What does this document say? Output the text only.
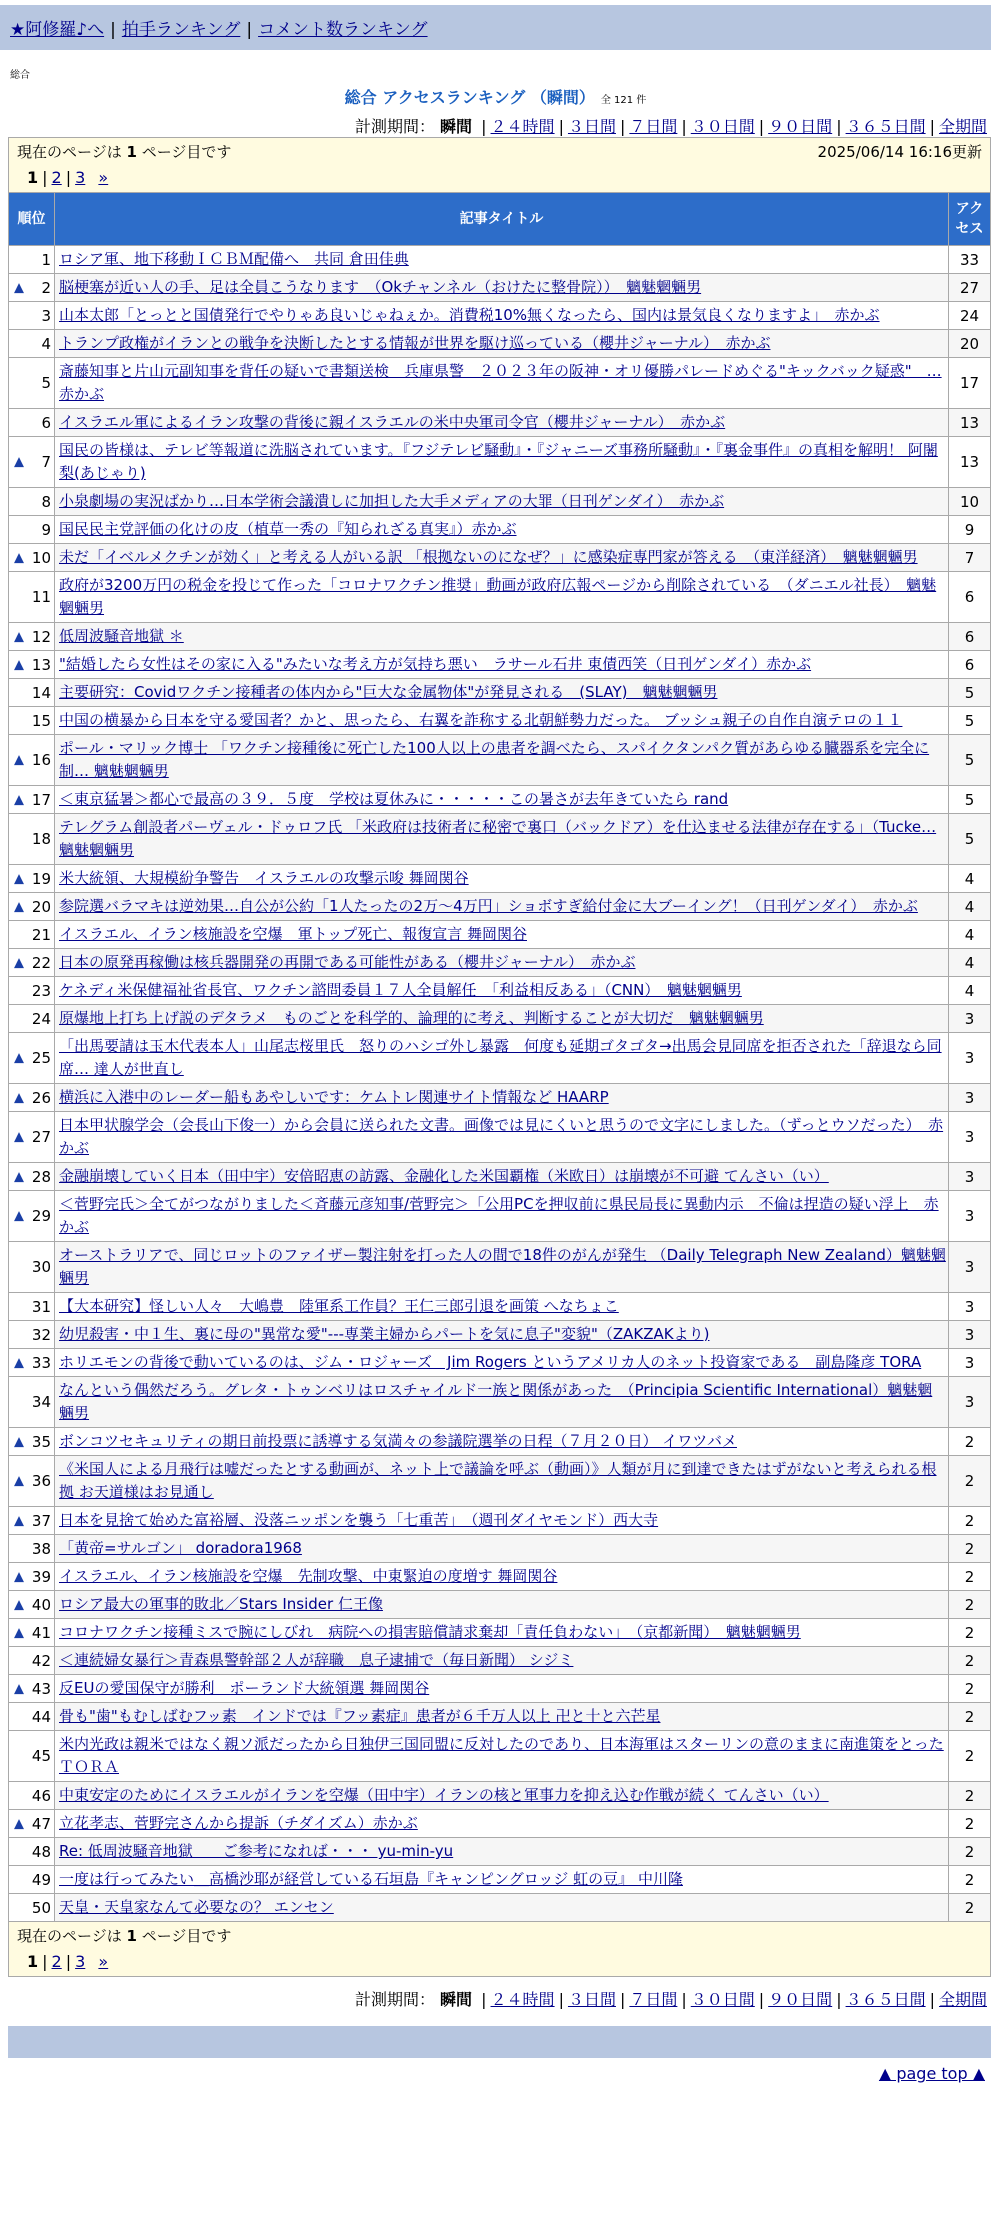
★阿修羅♪へ | 拍手ランキング | コメント数ランキング
総合
総合 アクセスランキング （瞬間） 全 121 件
計測期間： 瞬間 | ２４時間 | ３日間 | ７日間 | ３０日間 | ９０日間 | ３６５日間 | 全期間
現在のページは 1 ページ目です 2025/06/14 16:16更新
1 | 2 | 3 »		

順位	記事タイトル	アクセス
1	ロシア軍、地下移動ＩＣＢＭ配備へ　共同 倉田佳典	33

▲ 2	脳梗塞が近い人の手、足は全員こうなります　（Okチャンネル（おけたに整骨院））　魑魅魍魎男	27
3	山本太郎「とっとと国債発行でやりゃあ良いじゃねぇか。消費税10%無くなったら、国内は景気良くなりますよ」　赤かぶ	24
4	トランプ政権がイランとの戦争を決断したとする情報が世界を駆け巡っている（櫻井ジャーナル）　赤かぶ	20
5	斎藤知事と片山元副知事を背任の疑いで書類送検　兵庫県警　２０２３年の阪神・オリ優勝パレードめぐる"キックバック疑惑"　… 赤かぶ	17
6	イスラエル軍によるイラン攻撃の背後に親イスラエルの米中央軍司令官（櫻井ジャーナル）　赤かぶ	13

▲ 7	国民の皆様は、テレビ等報道に洗脳されています。『フジテレビ騒動』・『ジャニーズ事務所騒動』・『裏金事件』の真相を解明！ 阿闍梨(あじゃり)	13
8	小泉劇場の実況ばかり…日本学術会議潰しに加担した大手メディアの大罪（日刊ゲンダイ）　赤かぶ	10
9	国民民主党評価の化けの皮（植草一秀の『知られざる真実』）赤かぶ	9

▲ 10	未だ「イベルメクチンが効く」と考える人がいる訳 「根拠ないのになぜ？」に感染症専門家が答える　（東洋経済）　魑魅魍魎男	7
11	政府が3200万円の税金を投じて作った「コロナワクチン推奨」動画が政府広報ページから削除されている　（ダニエル社長）　魑魅魍魎男	6

▲ 12	低周波騒音地獄 ＊	6

▲ 13	"結婚したら女性はその家に入る"みたいな考え方が気持ち悪い　ラサール石井 東債西笑（日刊ゲンダイ）赤かぶ	6
14	主要研究：Covidワクチン接種者の体内から"巨大な金属物体"が発見される　(SLAY)　魑魅魍魎男	5
15	中国の横暴から日本を守る愛国者？かと、思ったら、右翼を詐称する北朝鮮勢力だった。 ブッシュ親子の自作自演テロの１１	5

▲ 16	ポール・マリック博士 「ワクチン接種後に死亡した100人以上の患者を調べたら、スパイクタンパク質があらゆる臓器系を完全に制… 魑魅魍魎男	5

▲ 17	＜東京猛暑＞都心で最高の３９．５度　学校は夏休みに・・・・・この暑さが去年きていたら rand	5
18	テレグラム創設者パーヴェル・ドゥロフ氏 「米政府は技術者に秘密で裏口（バックドア）を仕込ませる法律が存在する」（Tucke… 魑魅魍魎男	5

▲ 19	米大統領、大規模紛争警告　イスラエルの攻撃示唆 舞岡関谷	4

▲ 20	参院選バラマキは逆効果…自公が公約「1人たったの2万〜4万円」ショボすぎ給付金に大ブーイング！（日刊ゲンダイ）　赤かぶ	4
21	イスラエル、イラン核施設を空爆　軍トップ死亡、報復宣言 舞岡関谷	4

▲ 22	日本の原発再稼働は核兵器開発の再開である可能性がある（櫻井ジャーナル）　赤かぶ	4
23	ケネディ米保健福祉省長官、ワクチン諮問委員１７人全員解任　「利益相反ある」（CNN）　魑魅魍魎男	4
24	原爆地上打ち上げ説のデタラメ　ものごとを科学的、論理的に考え、判断することが大切だ　魑魅魍魎男	3

▲ 25	「出馬要請は玉木代表本人」山尾志桜里氏　怒りのハシゴ外し暴露　何度も延期ゴタゴタ→出馬会見同席を拒否された「辞退なら同席… 達人が世直し	3

▲ 26	横浜に入港中のレーダー船もあやしいです：ケムトレ関連サイト情報など HAARP	3

▲ 27	日本甲状腺学会（会長山下俊一）から会員に送られた文書。画像では見にくいと思うので文字にしました。（ずっとウソだった）　赤かぶ	3

▲ 28	金融崩壊していく日本（田中宇）安倍昭恵の訪露、金融化した米国覇権（米欧日）は崩壊が不可避 てんさい（い）	3

▲ 29	＜菅野完氏＞全てがつながりました＜斉藤元彦知事/菅野完＞「公用PCを押収前に県民局長に異動内示　不倫は捏造の疑い浮上　赤かぶ	3
30	オーストラリアで、同じロットのファイザー製注射を打った人の間で18件のがんが発生 （Daily Telegraph New Zealand）魑魅魍魎男	3
31	【大本研究】怪しい人々　大嶋豊　陸軍系工作員？王仁三郎引退を画策 へなちょこ	3
32	幼児殺害・中１生、裏に母の"異常な愛"---専業主婦からパートを気に息子"変貌"（ZAKZAKより)	3

▲ 33	ホリエモンの背後で動いているのは、ジム・ロジャーズ　Jim Rogers というアメリカ人のネット投資家である　副島隆彦 TORA	3
34	なんという偶然だろう。グレタ・トゥンベリはロスチャイルド一族と関係があった　（Principia Scientific International）魑魅魍魎男	3

▲ 35	ボンコツセキュリティの期日前投票に誘導する気満々の参議院選挙の日程（７月２０日） イワツバメ	2

▲ 36	《米国人による月飛行は嘘だったとする動画が、ネット上で議論を呼ぶ（動画）》人類が月に到達できたはずがないと考えられる根拠 お天道様はお見通し	2

▲ 37	日本を見捨て始めた富裕層、没落ニッポンを襲う「七重苦」　（週刊ダイヤモンド）西大寺	2
38	「黄帝=サルゴン」 doradora1968	2

▲ 39	イスラエル、イラン核施設を空爆　先制攻撃、中東緊迫の度増す 舞岡関谷	2

▲ 40	ロシア最大の軍事的敗北／Stars Insider 仁王像	2

▲ 41	コロナワクチン接種ミスで腕にしびれ　病院への損害賠償請求棄却「責任負わない」　（京都新聞）　魑魅魍魎男	2
42	＜連続婦女暴行＞青森県警幹部２人が辞職　息子逮捕で（毎日新聞） シジミ	2

▲ 43	反EUの愛国保守が勝利　ポーランド大統領選 舞岡関谷	2
44	骨も"歯"もむしばむフッ素　インドでは『フッ素症』患者が６千万人以上 卍と十と六芒星	2
45	米内光政は親米ではなく親ソ派だったから日独伊三国同盟に反対したのであり、日本海軍はスターリンの意のままに南進策をとった ＴＯＲＡ	2
46	中東安定のためにイスラエルがイランを空爆（田中宇）イランの核と軍事力を抑え込む作戦が続く てんさい（い）	2

▲ 47	立花孝志、菅野完さんから提訴（チダイズム）赤かぶ	2
48	Re: 低周波騒音地獄　　ご参考になれば・・・ yu-min-yu	2
49	一度は行ってみたい＿高橋沙耶が経営している石垣島『キャンピングロッジ 虹の豆』 中川隆	2
50	天皇・天皇家なんて必要なの？ エンセン	2

現在のページは 1 ページ目です
1 | 2 | 3 »		
計測期間： 瞬間 | ２４時間 | ３日間 | ７日間 | ３０日間 | ９０日間 | ３６５日間 | 全期間
▲ page top ▲
